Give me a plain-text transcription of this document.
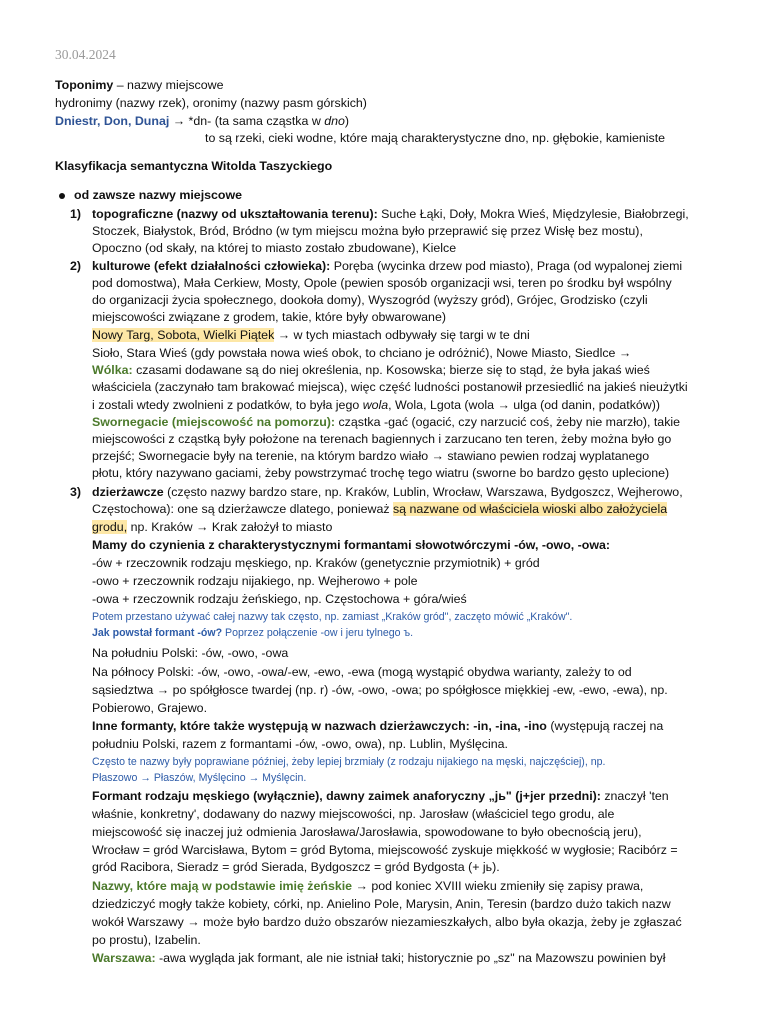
30.04.2024
Toponimy – nazwy miejscowe
hydronimy (nazwy rzek), oronimy (nazwy pasm górskich)
Dniestr, Don, Dunaj → *dn- (ta sama cząstka w dno)
to są rzeki, cieki wodne, które mają charakterystyczne dno, np. głębokie, kamieniste
Klasyfikacja semantyczna Witolda Taszyckiego
od zawsze nazwy miejscowe
1) topograficzne (nazwy od ukształtowania terenu): Suche Łąki, Doły, Mokra Wieś, Międzylesie, Białobrzegi,
Stoczek, Białystok, Bród, Bródno (w tym miejscu można było przeprawić się przez Wisłę bez mostu),
Opoczno (od skały, na której to miasto zostało zbudowane), Kielce
2) kulturowe (efekt działalności człowieka): Poręba (wycinka drzew pod miasto), Praga (od wypalonej ziemi
pod domostwa), Mała Cerkiew, Mosty, Opole (pewien sposób organizacji wsi, teren po środku był wspólny
do organizacji życia społecznego, dookoła domy), Wyszogród (wyższy gród), Grójec, Grodzisko (czyli
miejscowości związane z grodem, takie, które były obwarowane)
Nowy Targ, Sobota, Wielki Piątek → w tych miastach odbywały się targi w te dni
Sioło, Stara Wieś (gdy powstała nowa wieś obok, to chciano je odróżnić), Nowe Miasto, Siedlce →
Wólka: czasami dodawane są do niej określenia, np. Kosowska; bierze się to stąd, że była jakaś wieś
właściciela (zaczynało tam brakować miejsca), więc część ludności postanowił przesiedlić na jakieś nieużytki
i zostali wtedy zwolnieni z podatków, to była jego wola, Wola, Lgota (wola → ulga (od danin, podatków))
Swornegacie (miejscowość na pomorzu): cząstka -gać (ogacić, czy narzucić coś, żeby nie marzło), takie
miejscowości z cząstką były położone na terenach bagiennych i zarzucano ten teren, żeby można było go
przejść; Swornegacie były na terenie, na którym bardzo wiało → stawiano pewien rodzaj wyplatanego
płotu, który nazywano gaciami, żeby powstrzymać trochę tego wiatru (sworne bo bardzo gęsto uplecione)
3) dzierżawcze (często nazwy bardzo stare, np. Kraków, Lublin, Wrocław, Warszawa, Bydgoszcz, Wejherowo,
Częstochowa): one są dzierżawcze dlatego, ponieważ są nazwane od właściciela wioski albo założyciela
grodu, np. Kraków → Krak założył to miasto
Mamy do czynienia z charakterystycznymi formantami słowotwórczymi -ów, -owo, -owa:
-ów + rzeczownik rodzaju męskiego, np. Kraków (genetycznie przymiotnik) + gród
-owo + rzeczownik rodzaju nijakiego, np. Wejherowo + pole
-owa + rzeczownik rodzaju żeńskiego, np. Częstochowa + góra/wieś
Potem przestano używać całej nazwy tak często, np. zamiast „Kraków gród", zaczęto mówić „Kraków".
Jak powstał formant -ów? Poprzez połączenie -ow i jeru tylnego ъ.
Na południu Polski: -ów, -owo, -owa
Na północy Polski: -ów, -owo, -owa/-ew, -ewo, -ewa (mogą wystąpić obydwa warianty, zależy to od
sąsiedztwa → po spółgłosce twardej (np. r) -ów, -owo, -owa; po spółgłosce miękkiej -ew, -ewo, -ewa), np.
Pobierowo, Grajewo.
Inne formanty, które także występują w nazwach dzierżawczych: -in, -ina, -ino (występują raczej na
południu Polski, razem z formantami -ów, -owo, owa), np. Lublin, Myślęcina.
Często te nazwy były poprawiane później, żeby lepiej brzmiały (z rodzaju nijakiego na męski, najczęściej), np.
Płaszowo → Płaszów, Myślęcino → Myślęcin.
Formant rodzaju męskiego (wyłącznie), dawny zaimek anaforyczny „jь" (j+jer przedni): znaczył 'ten
właśnie, konkretny', dodawany do nazwy miejscowości, np. Jarosław (właściciel tego grodu, ale
miejscowość się inaczej już odmienia Jarosława/Jarosławia, spowodowane to było obecnością jeru),
Wrocław = gród Warcisława, Bytom = gród Bytoma, miejscowość zyskuje miękkość w wygłosie; Racibórz =
gród Racibora, Sieradz = gród Sierada, Bydgoszcz = gród Bydgosta (+ jь).
Nazwy, które mają w podstawie imię żeńskie → pod koniec XVIII wieku zmieniły się zapisy prawa,
dziedziczyć mogły także kobiety, córki, np. Anielino Pole, Marysin, Anin, Teresin (bardzo dużo takich nazw
wokół Warszawy → może było bardzo dużo obszarów niezamieszkałych, albo była okazja, żeby je zgłaszać
po prostu), Izabelin.
Warszawa: -awa wygląda jak formant, ale nie istniał taki; historycznie po „sz" na Mazowszu powinien był
